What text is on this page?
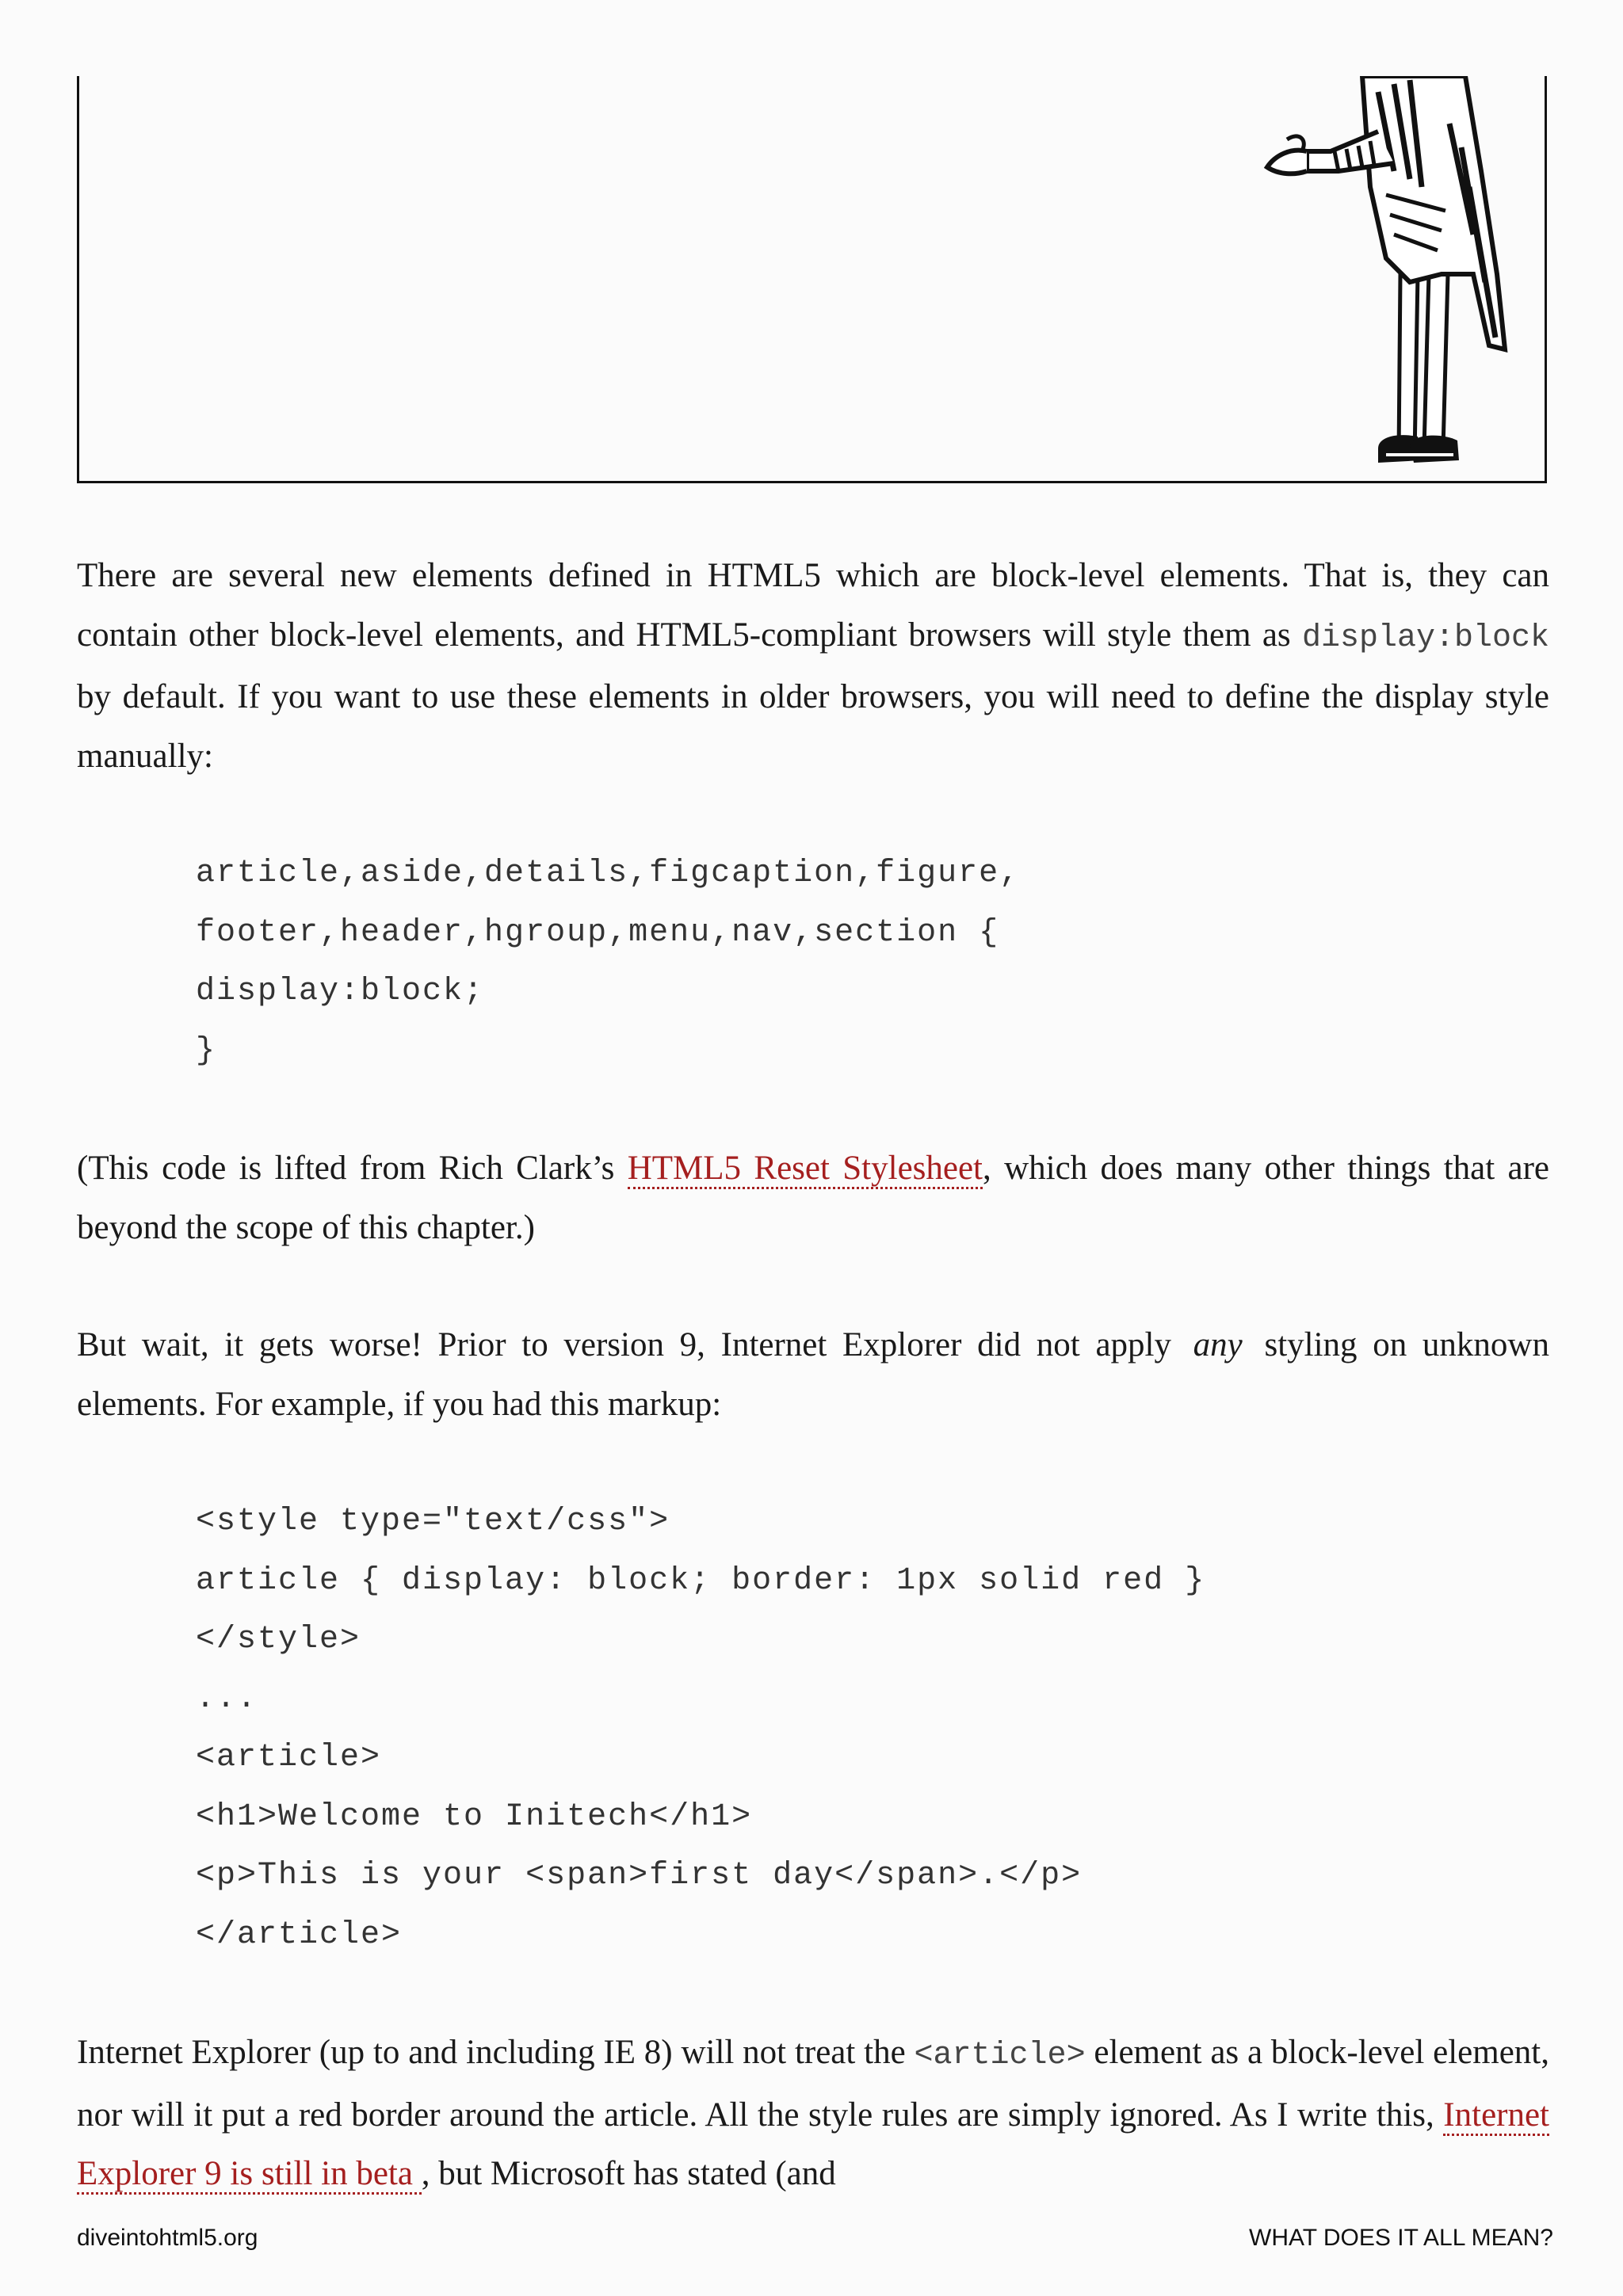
There are several new elements defined in HTML5 which are block-level elements. That is, they can contain other block-level elements, and HTML5-compliant browsers will style them as display:block by default. If you want to use these elements in older browsers, you will need to define the display style manually:

article,aside,details,figcaption,figure,
footer,header,hgroup,menu,nav,section {
display:block;
}

(This code is lifted from Rich Clark’s HTML5 Reset Stylesheet, which does many other things that are beyond the scope of this chapter.)

But wait, it gets worse! Prior to version 9, Internet Explorer did not apply any styling on unknown elements. For example, if you had this markup:

<style type="text/css">
article { display: block; border: 1px solid red }
</style>
...
<article>
<h1>Welcome to Initech</h1>
<p>This is your <span>first day</span>.</p>
</article>

Internet Explorer (up to and including IE 8) will not treat the <article> element as a block-level element, nor will it put a red border around the article. All the style rules are simply ignored. As I write this, Internet Explorer 9 is still in beta , but Microsoft has stated (and

diveintohtml5.org	WHAT DOES IT ALL MEAN?
